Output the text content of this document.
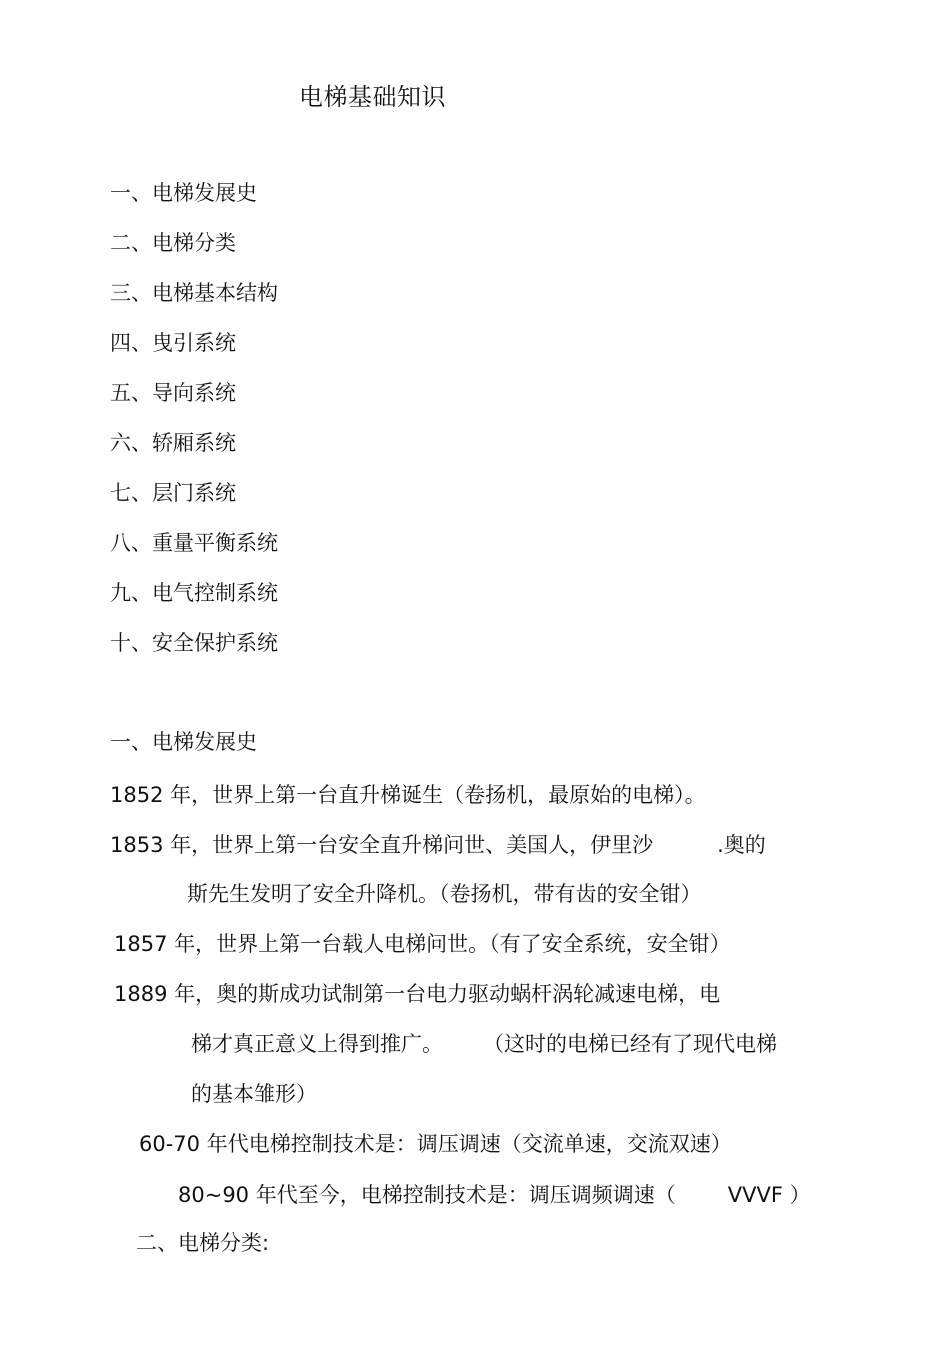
电梯基础知识
一、电梯发展史
二、电梯分类
三、电梯基本结构
四、曳引系统
五、导向系统
六、轿厢系统
七、层门系统
八、重量平衡系统
九、电气控制系统
十、安全保护系统
一、电梯发展史
1852 年，世界上第一台直升梯诞生（卷扬机，最原始的电梯）。
1853 年，世界上第一台安全直升梯问世、美国人，伊里沙	.奥的
斯先生发明了安全升降机。（卷扬机，带有齿的安全钳）
1857 年，世界上第一台载人电梯问世。（有了安全系统，安全钳）
1889 年，奥的斯成功试制第一台电力驱动蜗杆涡轮减速电梯，电
梯才真正意义上得到推广。 （这时的电梯已经有了现代电梯
的基本雏形）
60-70 年代电梯控制技术是：调压调速（交流单速，交流双速）
80~90 年代至今，电梯控制技术是：调压调频调速（ VVVF ）
二、电梯分类:
